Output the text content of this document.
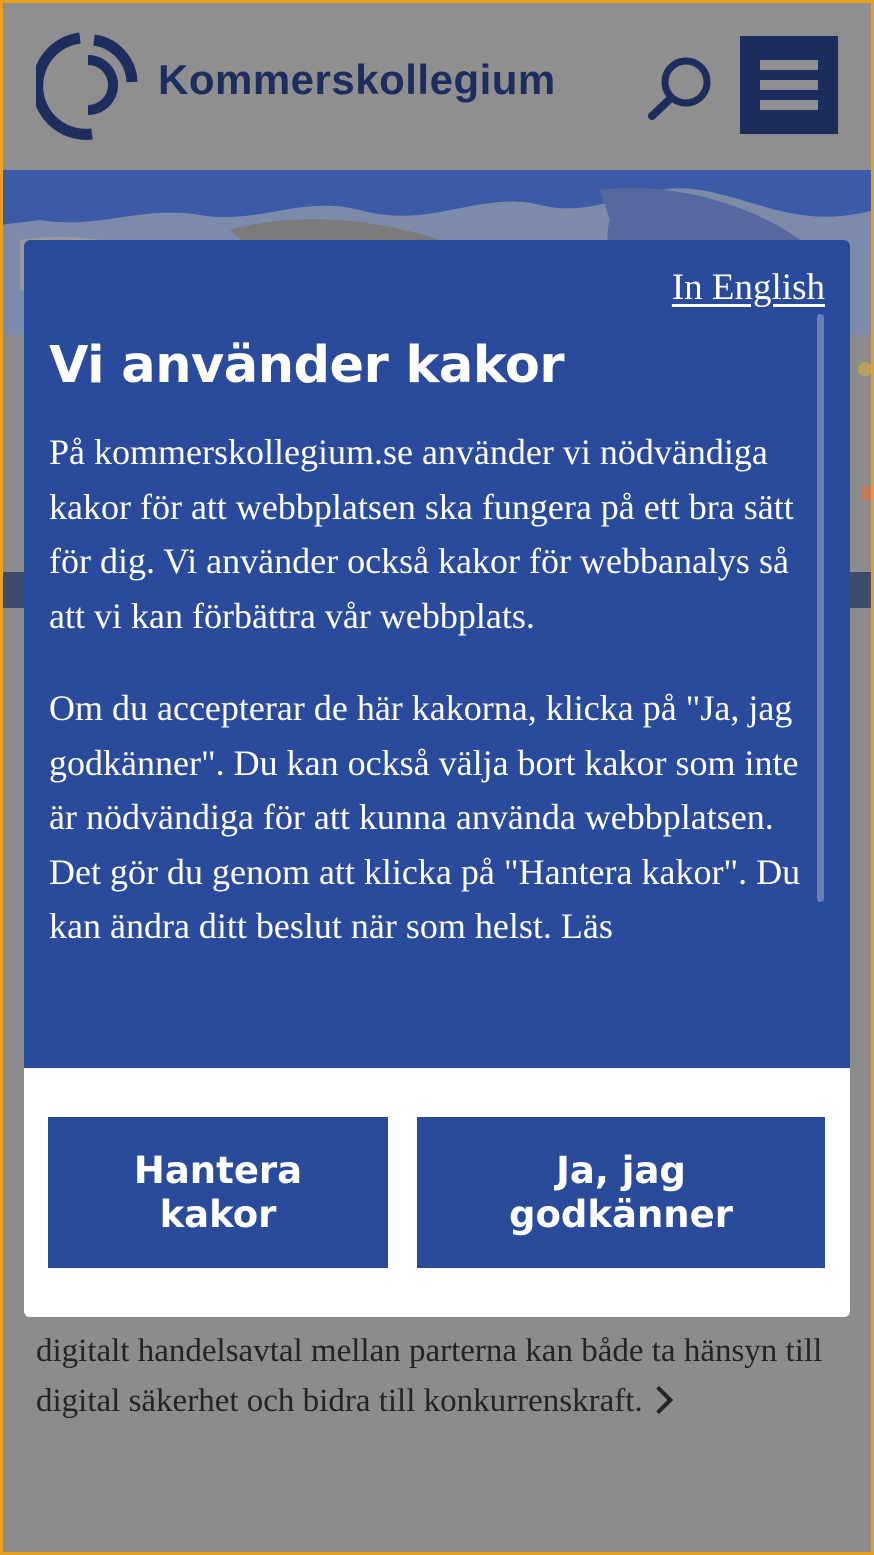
Kommerskollegium
digitalt handelsavtal mellan parterna kan både ta hänsyn till digital säkerhet och bidra till konkurrenskraft.
In English
Vi använder kakor

På kommerskollegium.se använder vi nödvändiga kakor för att webbplatsen ska fungera på ett bra sätt för dig. Vi använder också kakor för webbanalys så att vi kan förbättra vår webbplats.

Om du accepterar de här kakorna, klicka på "Ja, jag godkänner". Du kan också välja bort kakor som inte är nödvändiga för att kunna använda webbplatsen. Det gör du genom att klicka på "Hantera kakor". Du kan ändra ditt beslut när som helst. Läs

Hantera kakor
Ja, jag godkänner
